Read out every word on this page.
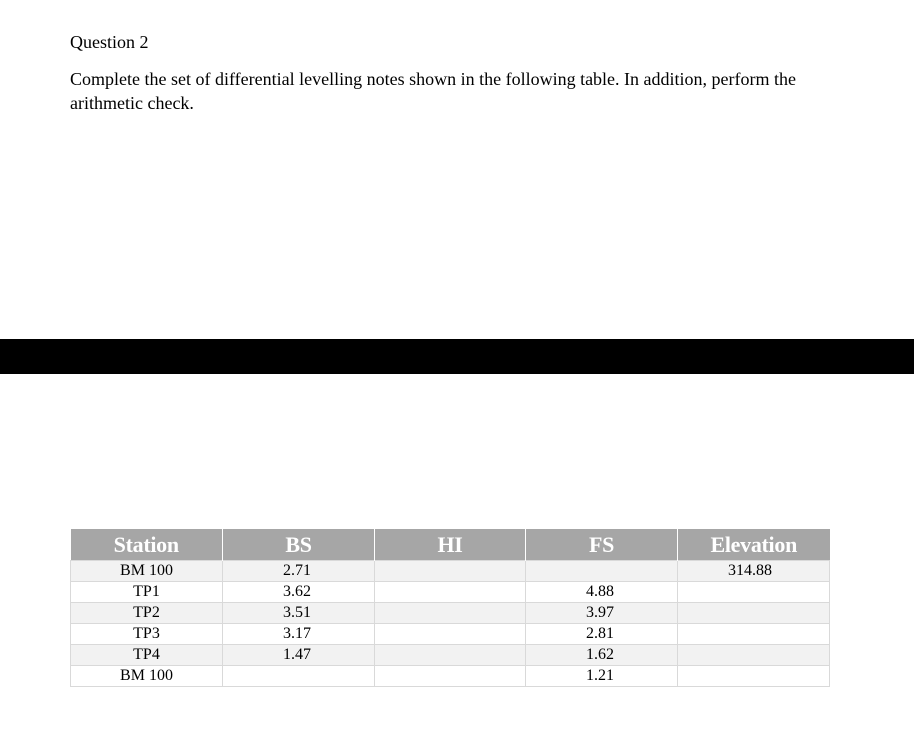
Question 2
Complete the set of differential levelling notes shown in the following table. In addition, perform the arithmetic check.
Station	BS	HI	FS	Elevation
BM 100	2.71			314.88
TP1	3.62		4.88	
TP2	3.51		3.97	
TP3	3.17		2.81	
TP4	1.47		1.62	
BM 100			1.21	
